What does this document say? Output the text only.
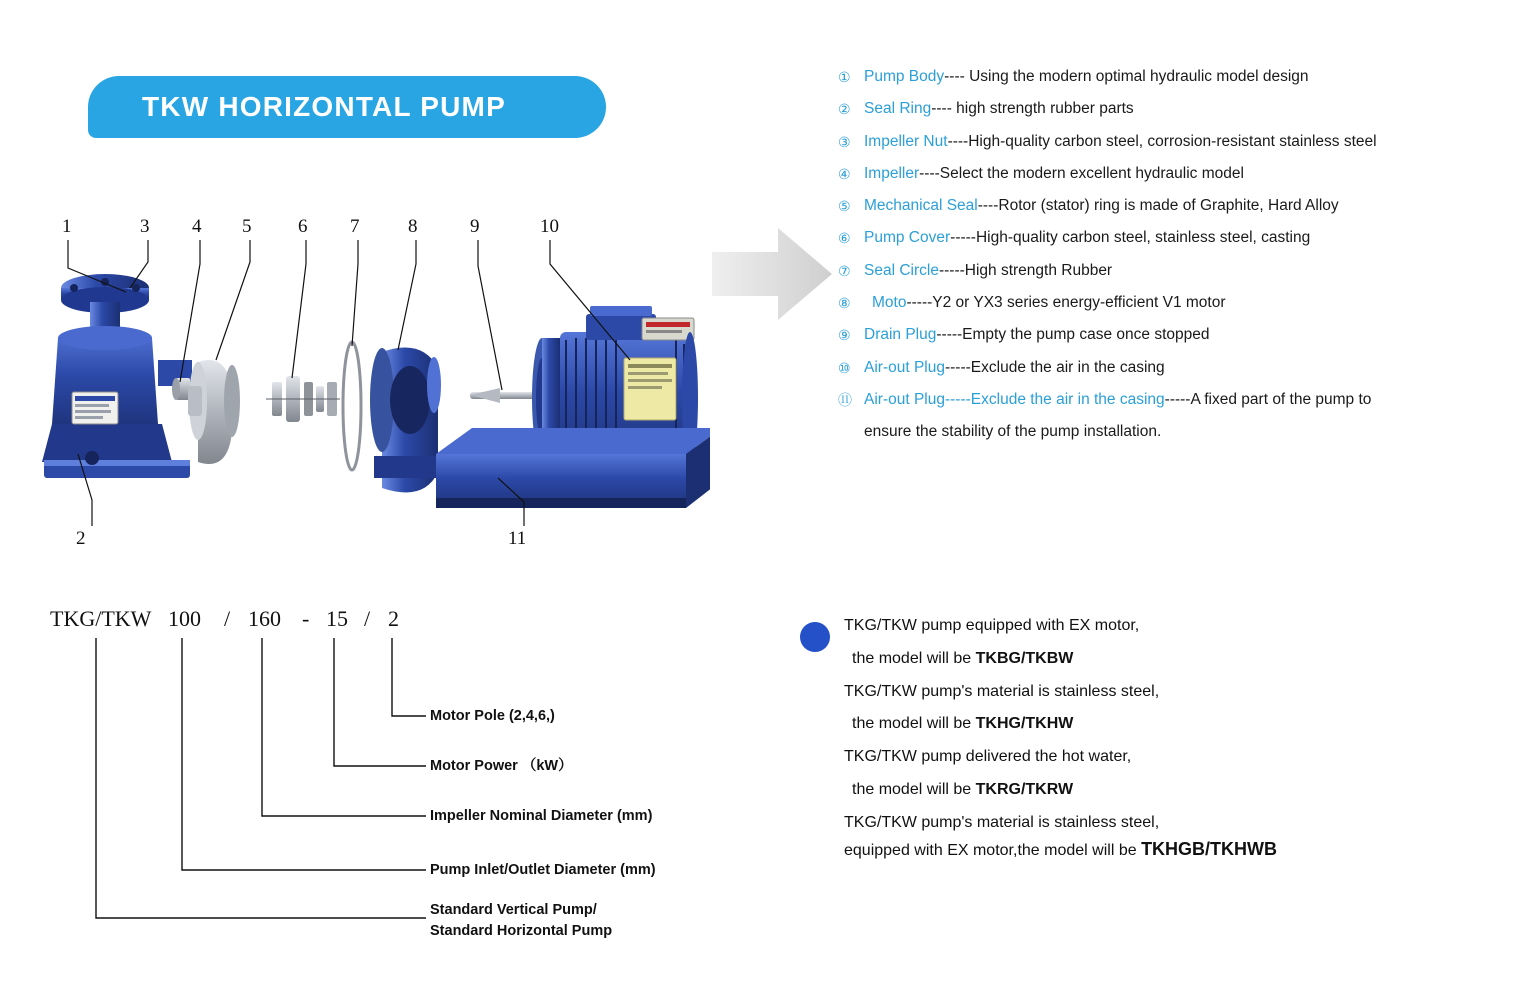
TKW HORIZONTAL PUMP
1	3 4 5 6 7	8	9	10
2	11
① Pump Body ---- Using the modern optimal hydraulic model design
② Seal Ring ---- high strength rubber parts
③ Impeller Nut ----High-quality carbon steel, corrosion-resistant stainless steel
④ Impeller ----Select the modern excellent hydraulic model
⑤ Mechanical Seal ----Rotor (stator) ring is made of Graphite, Hard Alloy
⑥ Pump Cover -----High-quality carbon steel, stainless steel, casting
⑦ Seal Circle -----High strength Rubber
⑧	Moto -----Y2 or YX3 series energy-efficient V1 motor
⑨ Drain Plug -----Empty the pump case once stopped
⑩ Air-out Plug -----Exclude the air in the casing
⑪ Air-out Plug -----Exclude the air in the casing -----A fixed part of the pump to
ensure the stability of the pump installation.
TKG/TKW 100 / 160 - 15 / 2
Motor Pole (2,4,6,)
Motor Power （kW）
Impeller Nominal Diameter (mm)
Pump Inlet/Outlet Diameter (mm)
Standard Vertical Pump/
Standard Horizontal Pump
TKG/TKW pump equipped with EX motor,
the model will be TKBG/TKBW
TKG/TKW pump's material is stainless steel,
the model will be TKHG/TKHW
TKG/TKW pump delivered the hot water,
the model will be TKRG/TKRW
TKG/TKW pump's material is stainless steel,
equipped with EX motor,the model will be TKHGB/TKHWB
